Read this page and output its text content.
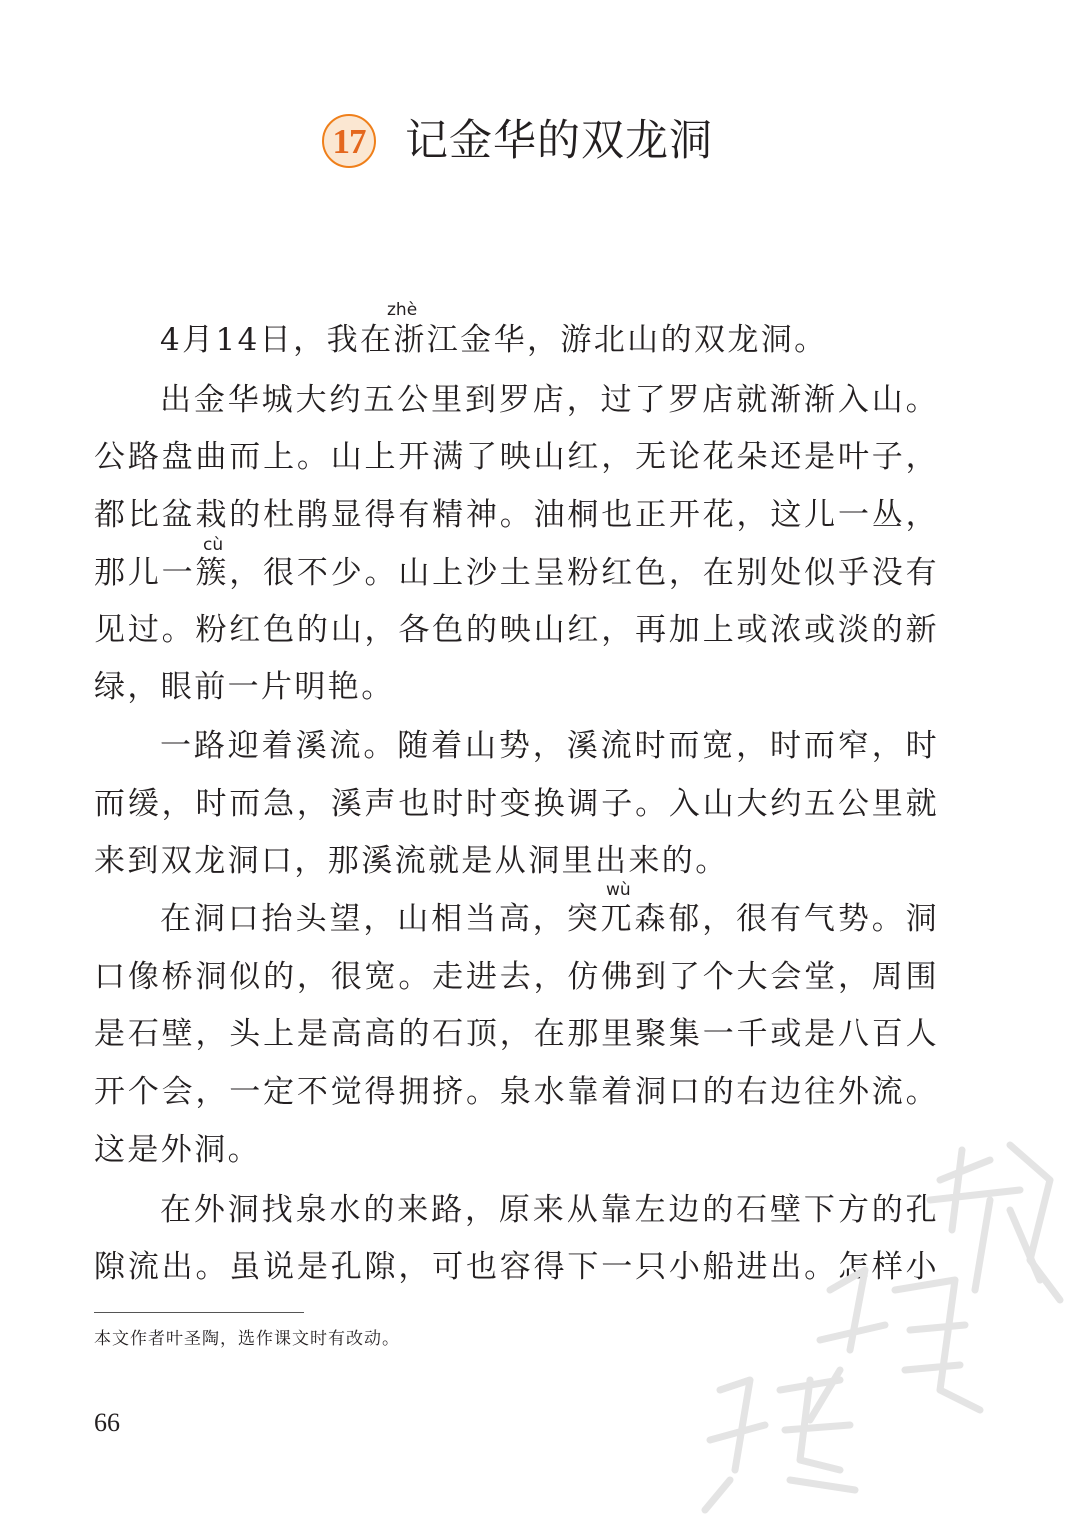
17 记金华的双龙洞
zhè
cù
wù
4月14日，我在浙江金华，游北山的双龙洞。
出金华城大约五公里到罗店，过了罗店就渐渐入山。
公路盘曲而上。山上开满了映山红，无论花朵还是叶子，
都比盆栽的杜鹃显得有精神。油桐也正开花，这儿一丛，
那儿一簇，很不少。山上沙土呈粉红色，在别处似乎没有
见过。粉红色的山，各色的映山红，再加上或浓或淡的新
绿，眼前一片明艳。
一路迎着溪流。随着山势，溪流时而宽，时而窄，时
而缓，时而急，溪声也时时变换调子。入山大约五公里就
来到双龙洞口，那溪流就是从洞里出来的。
在洞口抬头望，山相当高，突兀森郁，很有气势。洞
口像桥洞似的，很宽。走进去，仿佛到了个大会堂，周围
是石壁，头上是高高的石顶，在那里聚集一千或是八百人
开个会，一定不觉得拥挤。泉水靠着洞口的右边往外流。
这是外洞。
在外洞找泉水的来路，原来从靠左边的石壁下方的孔
隙流出。虽说是孔隙，可也容得下一只小船进出。怎样小
本文作者叶圣陶，选作课文时有改动。
66
